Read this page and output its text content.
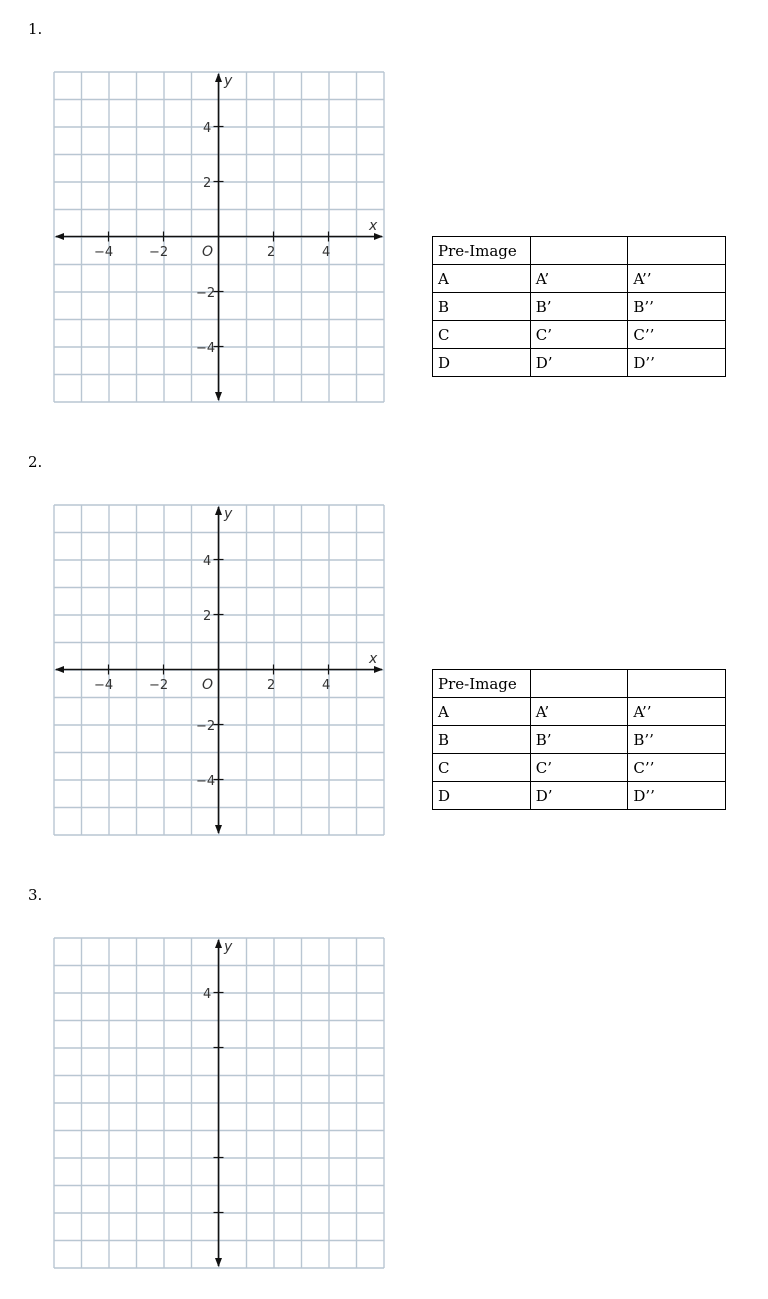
1.
y
x
O
−4	−2	2	4
4
2
−2
−4
Pre-Image		
A	A’	A’’
B	B’	B’’
C	C’	C’’
D	D’	D’’
2.
y
x
O
−4	−2	2	4
4
2
−2
−4
Pre-Image		
A	A’	A’’
B	B’	B’’
C	C’	C’’
D	D’	D’’
3.
y
4
